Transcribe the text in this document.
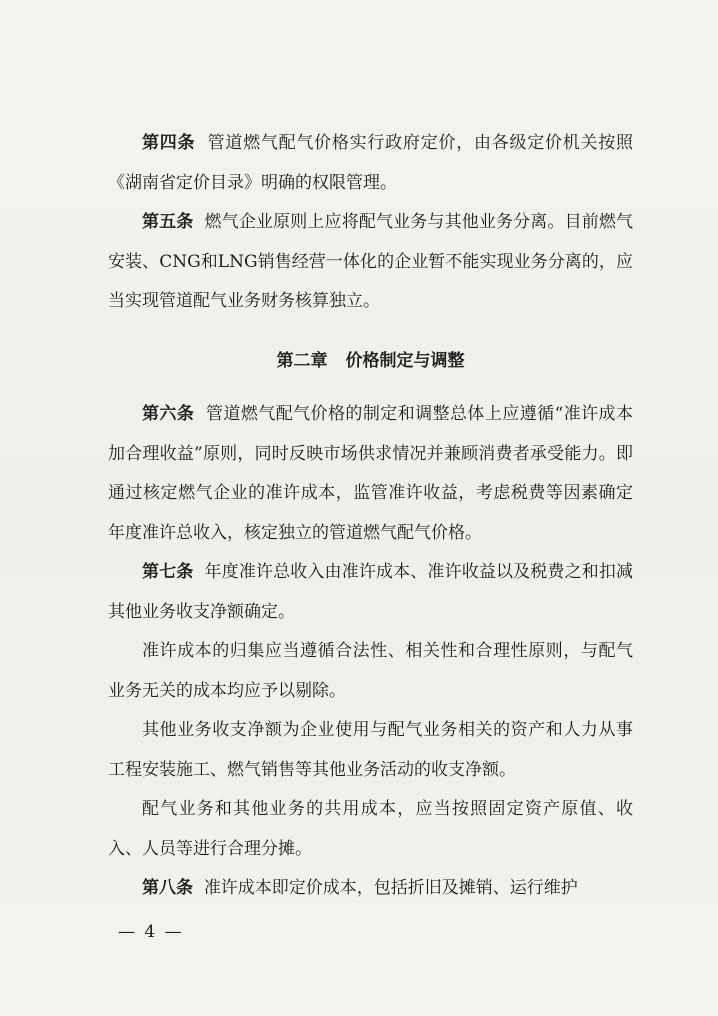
第四条 管道燃气配气价格实行政府定价，由各级定价机关按照《湖南省定价目录》明确的权限管理。

第五条 燃气企业原则上应将配气业务与其他业务分离。目前燃气安装、CNG和LNG销售经营一体化的企业暂不能实现业务分离的，应当实现管道配气业务财务核算独立。

第二章 价格制定与调整

第六条 管道燃气配气价格的制定和调整总体上应遵循“准许成本加合理收益”原则，同时反映市场供求情况并兼顾消费者承受能力。即通过核定燃气企业的准许成本，监管准许收益，考虑税费等因素确定年度准许总收入，核定独立的管道燃气配气价格。

第七条 年度准许总收入由准许成本、准许收益以及税费之和扣减其他业务收支净额确定。

准许成本的归集应当遵循合法性、相关性和合理性原则，与配气业务无关的成本均应予以剔除。

其他业务收支净额为企业使用与配气业务相关的资产和人力从事工程安装施工、燃气销售等其他业务活动的收支净额。

配气业务和其他业务的共用成本，应当按照固定资产原值、收入、人员等进行合理分摊。

第八条 准许成本即定价成本，包括折旧及摊销、运行维护

— 4 —
